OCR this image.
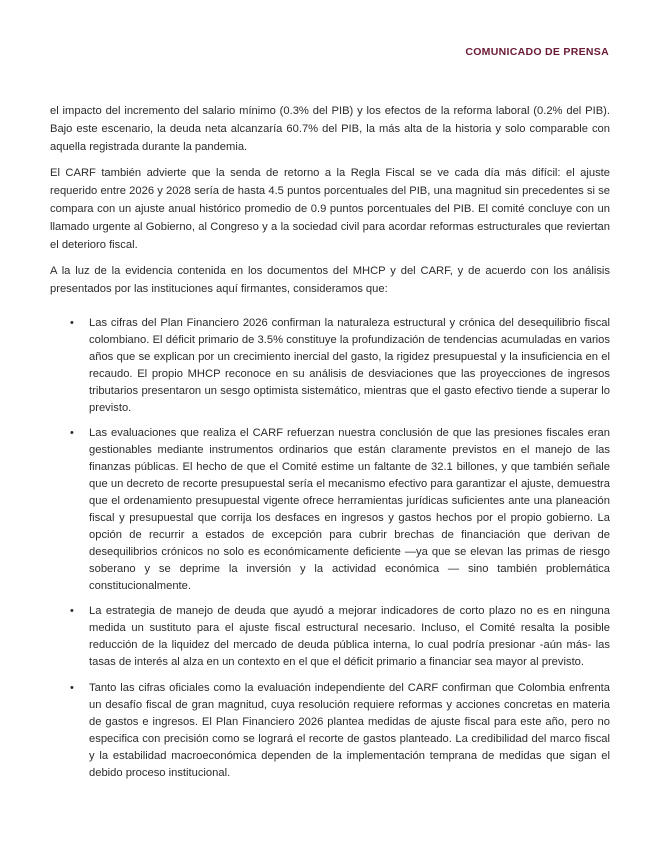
COMUNICADO DE PRENSA

el impacto del incremento del salario mínimo (0.3% del PIB) y los efectos de la reforma laboral (0.2% del PIB). Bajo este escenario, la deuda neta alcanzaría 60.7% del PIB, la más alta de la historia y solo comparable con aquella registrada durante la pandemia.

El CARF también advierte que la senda de retorno a la Regla Fiscal se ve cada día más difícil: el ajuste requerido entre 2026 y 2028 sería de hasta 4.5 puntos porcentuales del PIB, una magnitud sin precedentes si se compara con un ajuste anual histórico promedio de 0.9 puntos porcentuales del PIB. El comité concluye con un llamado urgente al Gobierno, al Congreso y a la sociedad civil para acordar reformas estructurales que reviertan el deterioro fiscal.

A la luz de la evidencia contenida en los documentos del MHCP y del CARF, y de acuerdo con los análisis presentados por las instituciones aquí firmantes, consideramos que:

• Las cifras del Plan Financiero 2026 confirman la naturaleza estructural y crónica del desequilibrio fiscal colombiano. El déficit primario de 3.5% constituye la profundización de tendencias acumuladas en varios años que se explican por un crecimiento inercial del gasto, la rigidez presupuestal y la insuficiencia en el recaudo. El propio MHCP reconoce en su análisis de desviaciones que las proyecciones de ingresos tributarios presentaron un sesgo optimista sistemático, mientras que el gasto efectivo tiende a superar lo previsto.
• Las evaluaciones que realiza el CARF refuerzan nuestra conclusión de que las presiones fiscales eran gestionables mediante instrumentos ordinarios que están claramente previstos en el manejo de las finanzas públicas. El hecho de que el Comité estime un faltante de 32.1 billones, y que también señale que un decreto de recorte presupuestal sería el mecanismo efectivo para garantizar el ajuste, demuestra que el ordenamiento presupuestal vigente ofrece herramientas jurídicas suficientes ante una planeación fiscal y presupuestal que corrija los desfaces en ingresos y gastos hechos por el propio gobierno. La opción de recurrir a estados de excepción para cubrir brechas de financiación que derivan de desequilibrios crónicos no solo es económicamente deficiente —ya que se elevan las primas de riesgo soberano y se deprime la inversión y la actividad económica — sino también problemática constitucionalmente.
• La estrategia de manejo de deuda que ayudó a mejorar indicadores de corto plazo no es en ninguna medida un sustituto para el ajuste fiscal estructural necesario. Incluso, el Comité resalta la posible reducción de la liquidez del mercado de deuda pública interna, lo cual podría presionar -aún más- las tasas de interés al alza en un contexto en el que el déficit primario a financiar sea mayor al previsto.
• Tanto las cifras oficiales como la evaluación independiente del CARF confirman que Colombia enfrenta un desafío fiscal de gran magnitud, cuya resolución requiere reformas y acciones concretas en materia de gastos e ingresos. El Plan Financiero 2026 plantea medidas de ajuste fiscal para este año, pero no especifica con precisión como se logrará el recorte de gastos planteado. La credibilidad del marco fiscal y la estabilidad macroeconómica dependen de la implementación temprana de medidas que sigan el debido proceso institucional.
